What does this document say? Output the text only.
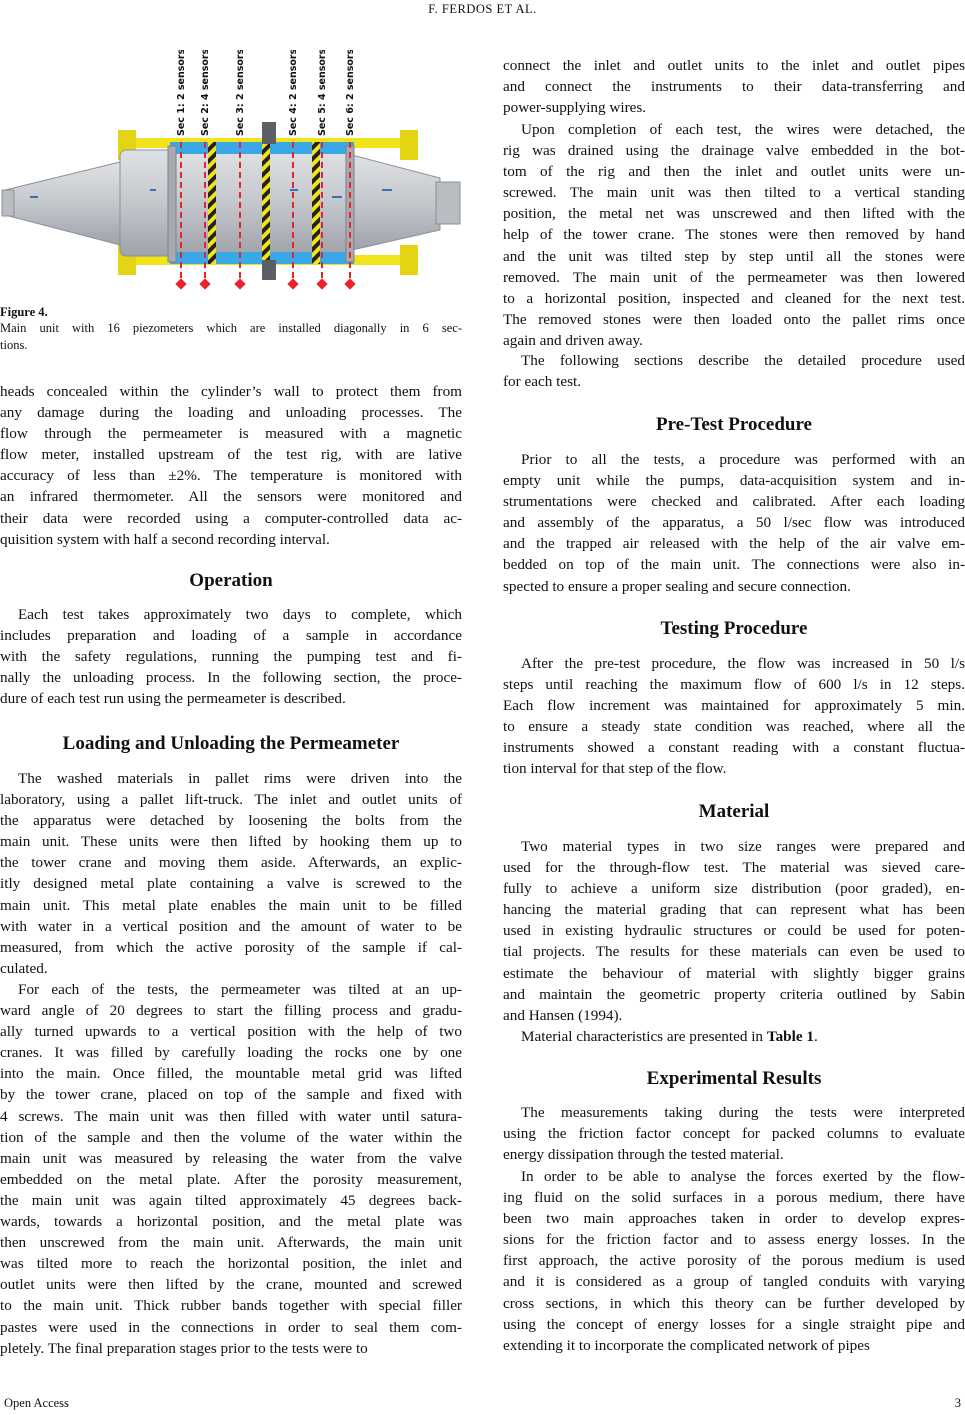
F. FERDOS ET AL.
Sec 1: 2 sensors Sec 2: 4 sensors	Sec 3: 2 sensors	Sec 4: 2 sensors Sec 5: 4 sensors Sec 6: 2 sensors
Figure 4.
Main unit with 16 piezometers which are installed diagonally in 6 sec-
tions.

heads concealed within the cylinder’s wall to protect them from

any damage during the loading and unloading processes. The

flow through the permeameter is measured with a magnetic

flow meter, installed upstream of the test rig, with are lative

accuracy of less than ±2%. The temperature is monitored with

an infrared thermometer. All the sensors were monitored and

their data were recorded using a computer-controlled data ac-

quisition system with half a second recording interval.

Operation

Each test takes approximately two days to complete, which

includes preparation and loading of a sample in accordance

with the safety regulations, running the pumping test and fi-

nally the unloading process. In the following section, the proce-

dure of each test run using the permeameter is described.

Loading and Unloading the Permeameter

The washed materials in pallet rims were driven into the

laboratory, using a pallet lift-truck. The inlet and outlet units of

the apparatus were detached by loosening the bolts from the

main unit. These units were then lifted by hooking them up to

the tower crane and moving them aside. Afterwards, an explic-

itly designed metal plate containing a valve is screwed to the

main unit. This metal plate enables the main unit to be filled

with water in a vertical position and the amount of water to be

measured, from which the active porosity of the sample if cal-

culated.

For each of the tests, the permeameter was tilted at an up-

ward angle of 20 degrees to start the filling process and gradu-

ally turned upwards to a vertical position with the help of two

cranes. It was filled by carefully loading the rocks one by one

into the main. Once filled, the mountable metal grid was lifted

by the tower crane, placed on top of the sample and fixed with

4 screws. The main unit was then filled with water until satura-

tion of the sample and then the volume of the water within the

main unit was measured by releasing the water from the valve

embedded on the metal plate. After the porosity measurement,

the main unit was again tilted approximately 45 degrees back-

wards, towards a horizontal position, and the metal plate was

then unscrewed from the main unit. Afterwards, the main unit

was tilted more to reach the horizontal position, the inlet and

outlet units were then lifted by the crane, mounted and screwed

to the main unit. Thick rubber bands together with special filler

pastes were used in the connections in order to seal them com-

pletely. The final preparation stages prior to the tests were to

connect the inlet and outlet units to the inlet and outlet pipes

and connect the instruments to their data-transferring and

power-supplying wires.

Upon completion of each test, the wires were detached, the

rig was drained using the drainage valve embedded in the bot-

tom of the rig and then the inlet and outlet units were un-

screwed. The main unit was then tilted to a vertical standing

position, the metal net was unscrewed and then lifted with the

help of the tower crane. The stones were then removed by hand

and the unit was tilted step by step until all the stones were

removed. The main unit of the permeameter was then lowered

to a horizontal position, inspected and cleaned for the next test.

The removed stones were then loaded onto the pallet rims once

again and driven away.

The following sections describe the detailed procedure used

for each test.

Pre-Test Procedure

Prior to all the tests, a procedure was performed with an

empty unit while the pumps, data-acquisition system and in-

strumentations were checked and calibrated. After each loading

and assembly of the apparatus, a 50 l/sec flow was introduced

and the trapped air released with the help of the air valve em-

bedded on top of the main unit. The connections were also in-

spected to ensure a proper sealing and secure connection.

Testing Procedure

After the pre-test procedure, the flow was increased in 50 l/s

steps until reaching the maximum flow of 600 l/s in 12 steps.

Each flow increment was maintained for approximately 5 min.

to ensure a steady state condition was reached, where all the

instruments showed a constant reading with a constant fluctua-

tion interval for that step of the flow.

Material

Two material types in two size ranges were prepared and

used for the through-flow test. The material was sieved care-

fully to achieve a uniform size distribution (poor graded), en-

hancing the material grading that can represent what has been

used in existing hydraulic structures or could be used for poten-

tial projects. The results for these materials can even be used to

estimate the behaviour of material with slightly bigger grains

and maintain the geometric property criteria outlined by Sabin

and Hansen (1994).

Material characteristics are presented in Table 1.

Experimental Results

The measurements taking during the tests were interpreted

using the friction factor concept for packed columns to evaluate

energy dissipation through the tested material.

In order to be able to analyse the forces exerted by the flow-

ing fluid on the solid surfaces in a porous medium, there have

been two main approaches taken in order to develop expres-

sions for the friction factor and to assess energy losses. In the

first approach, the active porosity of the porous medium is used

and it is considered as a group of tangled conduits with varying

cross sections, in which this theory can be further developed by

using the concept of energy losses for a single straight pipe and

extending it to incorporate the complicated network of pipes

Open Access	3
